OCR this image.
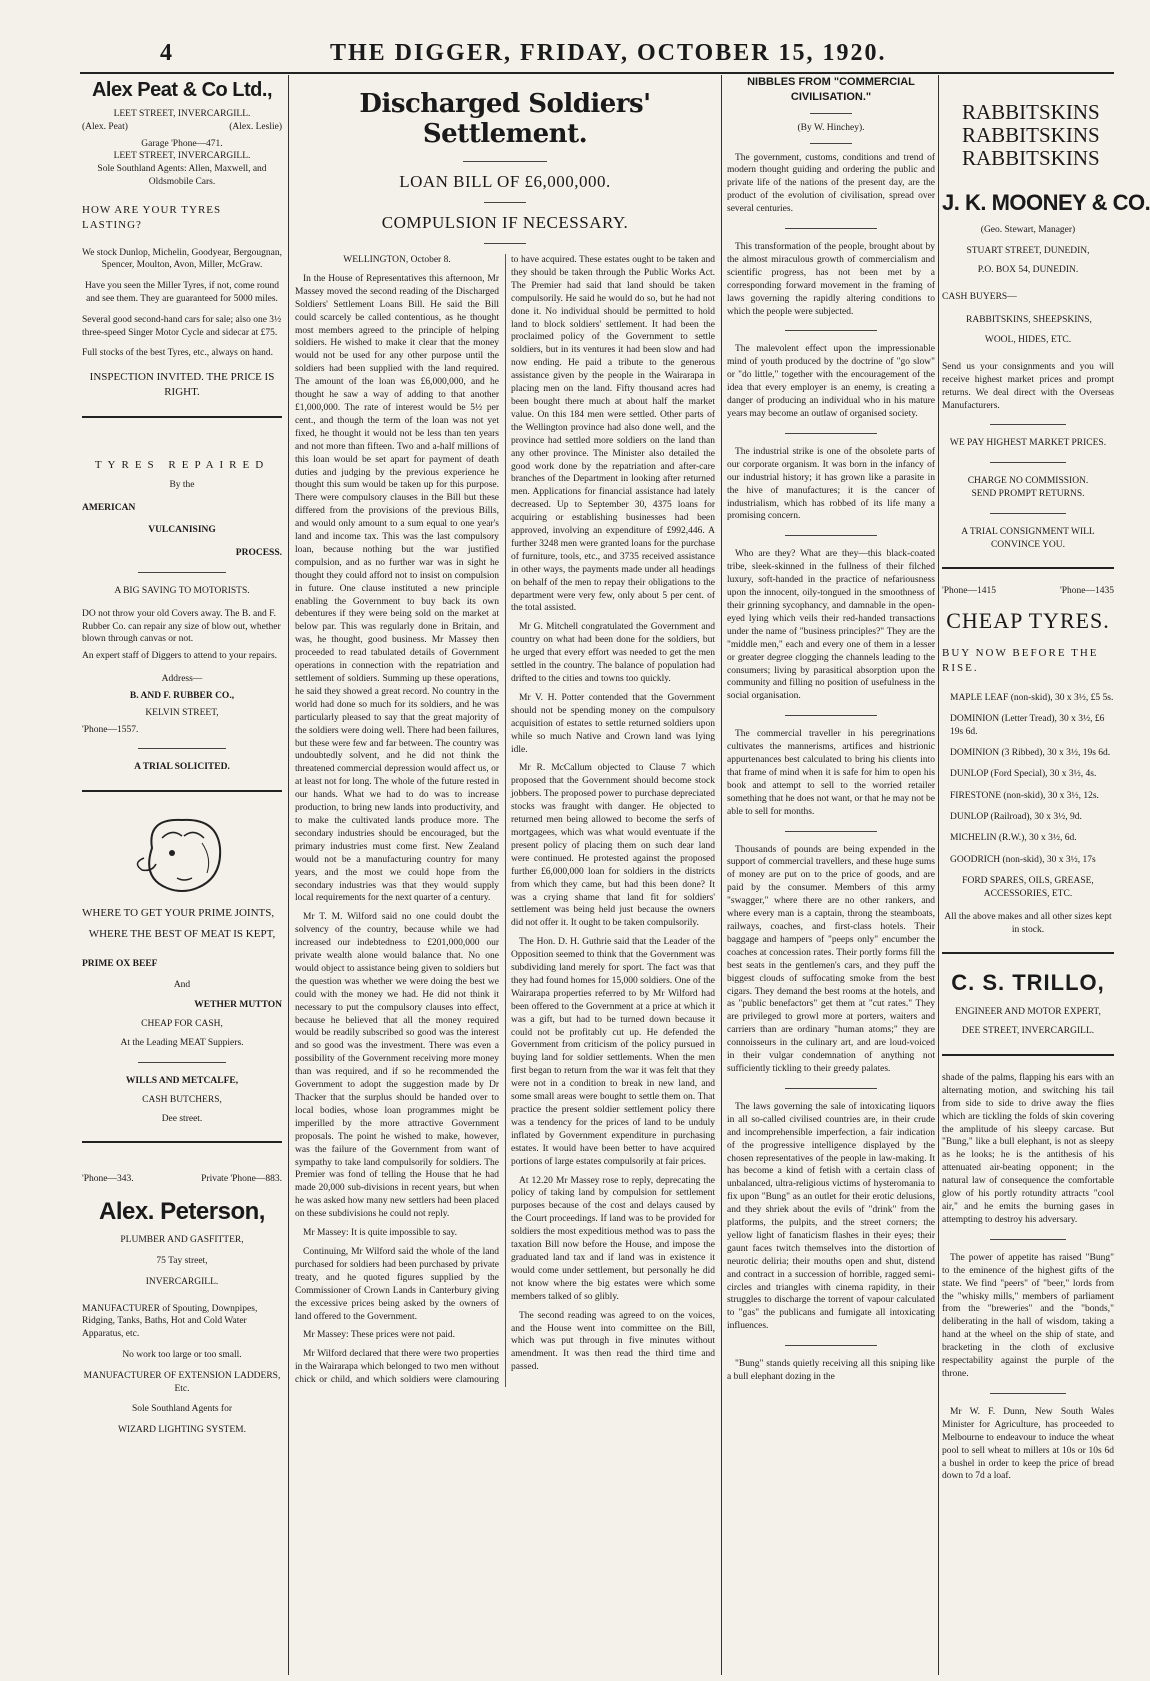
4	THE DIGGER, FRIDAY, OCTOBER 15, 1920.
Alex Peat & Co Ltd.,
LEET STREET, INVERCARGILL.
(Alex. Peat)	(Alex. Leslie)
Garage 'Phone—471.
LEET STREET, INVERCARGILL.
Sole Southland Agents: Allen, Maxwell, and Oldsmobile Cars.
HOW ARE YOUR TYRES LASTING?
We stock Dunlop, Michelin, Goodyear, Bergougnan, Spencer, Moulton, Avon, Miller, McGraw.
Have you seen the Miller Tyres, if not, come round and see them. They are guaranteed for 5000 miles.
Several good second-hand cars for sale; also one 3½ three-speed Singer Motor Cycle and sidecar at £75.
Full stocks of the best Tyres, etc., always on hand.
INSPECTION INVITED. THE PRICE IS RIGHT.
TYRES REPAIRED
By the
AMERICAN
VULCANISING
PROCESS.
A BIG SAVING TO MOTORISTS.
DO not throw your old Covers away. The B. and F. Rubber Co. can repair any size of blow out, whether blown through canvas or not.
An expert staff of Diggers to attend to your repairs.
Address—
B. AND F. RUBBER CO.,
KELVIN STREET,
'Phone—1557.
A TRIAL SOLICITED.
WHERE TO GET YOUR PRIME JOINTS,
WHERE THE BEST OF MEAT IS KEPT,
PRIME OX BEEF
And
WETHER MUTTON
CHEAP FOR CASH,
At the Leading MEAT Suppiers.
WILLS AND METCALFE,
CASH BUTCHERS,
Dee street.
'Phone—343.	Private 'Phone—883.
Alex. Peterson,
PLUMBER AND GASFITTER,
75 Tay street,
INVERCARGILL.
MANUFACTURER of Spouting, Downpipes, Ridging, Tanks, Baths, Hot and Cold Water Apparatus, etc.
No work too large or too small.
MANUFACTURER OF EXTENSION LADDERS, Etc.
Sole Southland Agents for
WIZARD LIGHTING SYSTEM.
Discharged Soldiers' Settlement.
LOAN BILL OF £6,000,000.
COMPULSION IF NECESSARY.

WELLINGTON, October 8.

In the House of Representatives this afternoon, Mr Massey moved the second reading of the Discharged Soldiers' Settlement Loans Bill. He said the Bill could scarcely be called contentious, as he thought most members agreed to the principle of helping soldiers. He wished to make it clear that the money would not be used for any other purpose until the soldiers had been supplied with the land required. The amount of the loan was £6,000,000, and he thought he saw a way of adding to that another £1,000,000. The rate of interest would be 5½ per cent., and though the term of the loan was not yet fixed, he thought it would not be less than ten years and not more than fifteen. Two and a-half millions of this loan would be set apart for payment of death duties and judging by the previous experience he thought this sum would be taken up for this purpose. There were compulsory clauses in the Bill but these differed from the provisions of the previous Bills, and would only amount to a sum equal to one year's land and income tax. This was the last compulsory loan, because nothing but the war justified compulsion, and as no further war was in sight he thought they could afford not to insist on compulsion in future. One clause instituted a new principle enabling the Government to buy back its own debentures if they were being sold on the market at below par. This was regularly done in Britain, and was, he thought, good business. Mr Massey then proceeded to read tabulated details of Government operations in connection with the repatriation and settlement of soldiers. Summing up these operations, he said they showed a great record. No country in the world had done so much for its soldiers, and he was particularly pleased to say that the great majority of the soldiers were doing well. There had been failures, but these were few and far between. The country was undoubtedly solvent, and he did not think the threatened commercial depression would affect us, or at least not for long. The whole of the future rested in our hands. What we had to do was to increase production, to bring new lands into productivity, and to make the cultivated lands produce more. The secondary industries should be encouraged, but the primary industries must come first. New Zealand would not be a manufacturing country for many years, and the most we could hope from the secondary industries was that they would supply local requirements for the next quarter of a century.

Mr T. M. Wilford said no one could doubt the solvency of the country, because while we had increased our indebtedness to £201,000,000 our private wealth alone would balance that. No one would object to assistance being given to soldiers but the question was whether we were doing the best we could with the money we had. He did not think it necessary to put the compulsory clauses into effect, because he believed that all the money required would be readily subscribed so good was the interest and so good was the investment. There was even a possibility of the Government receiving more money than was required, and if so he recommended the Government to adopt the suggestion made by Dr Thacker that the surplus should be handed over to local bodies, whose loan programmes might be imperilled by the more attractive Government proposals. The point he wished to make, however, was the failure of the Government from want of sympathy to take land compulsorily for soldiers. The Premier was fond of telling the House that he had made 20,000 sub-divisions in recent years, but when he was asked how many new settlers had been placed on these subdivisions he could not reply.

Mr Massey: It is quite impossible to say.

Continuing, Mr Wilford said the whole of the land purchased for soldiers had been purchased by private treaty, and he quoted figures supplied by the Commissioner of Crown Lands in Canterbury giving the excessive prices being asked by the owners of land offered to the Government.

Mr Massey: These prices were not paid.

Mr Wilford declared that there were two properties in the Wairarapa which belonged to two men without chick or child, and which soldiers were clamouring to have acquired. These estates ought to be taken and they should be taken through the Public Works Act. The Premier had said that land should be taken compulsorily. He said he would do so, but he had not done it. No individual should be permitted to hold land to block soldiers' settlement. It had been the proclaimed policy of the Government to settle soldiers, but in its ventures it had been slow and had now ending. He paid a tribute to the generous assistance given by the people in the Wairarapa in placing men on the land. Fifty thousand acres had been bought there much at about half the market value. On this 184 men were settled. Other parts of the Wellington province had also done well, and the province had settled more soldiers on the land than any other province. The Minister also detailed the good work done by the repatriation and after-care branches of the Department in looking after returned men. Applications for financial assistance had lately decreased. Up to September 30, 4375 loans for acquiring or establishing businesses had been approved, involving an expenditure of £992,446. A further 3248 men were granted loans for the purchase of furniture, tools, etc., and 3735 received assistance in other ways, the payments made under all headings on behalf of the men to repay their obligations to the department were very few, only about 5 per cent. of the total assisted.

Mr G. Mitchell congratulated the Government and country on what had been done for the soldiers, but he urged that every effort was needed to get the men settled in the country. The balance of population had drifted to the cities and towns too quickly.

Mr V. H. Potter contended that the Government should not be spending money on the compulsory acquisition of estates to settle returned soldiers upon while so much Native and Crown land was lying idle.

Mr R. McCallum objected to Clause 7 which proposed that the Government should become stock jobbers. The proposed power to purchase depreciated stocks was fraught with danger. He objected to returned men being allowed to become the serfs of mortgagees, which was what would eventuate if the present policy of placing them on such dear land were continued. He protested against the proposed further £6,000,000 loan for soldiers in the districts from which they came, but had this been done? It was a crying shame that land fit for soldiers' settlement was being held just because the owners did not offer it. It ought to be taken compulsorily.

The Hon. D. H. Guthrie said that the Leader of the Opposition seemed to think that the Government was subdividing land merely for sport. The fact was that they had found homes for 15,000 soldiers. One of the Wairarapa properties referred to by Mr Wilford had been offered to the Government at a price at which it was a gift, but had to be turned down because it could not be profitably cut up. He defended the Government from criticism of the policy pursued in buying land for soldier settlements. When the men first began to return from the war it was felt that they were not in a condition to break in new land, and some small areas were bought to settle them on. That practice the present soldier settlement policy there was a tendency for the prices of land to be unduly inflated by Government expenditure in purchasing estates. It would have been better to have acquired portions of large estates compulsorily at fair prices.

At 12.20 Mr Massey rose to reply, deprecating the policy of taking land by compulsion for settlement purposes because of the cost and delays caused by the Court proceedings. If land was to be provided for soldiers the most expeditious method was to pass the taxation Bill now before the House, and impose the graduated land tax and if land was in existence it would come under settlement, but personally he did not know where the big estates were which some members talked of so glibly.

The second reading was agreed to on the voices, and the House went into committee on the Bill, which was put through in five minutes without amendment. It was then read the third time and passed.

NIBBLES FROM "COMMERCIAL CIVILISATION."
(By W. Hinchey).

The government, customs, conditions and trend of modern thought guiding and ordering the public and private life of the nations of the present day, are the product of the evolution of civilisation, spread over several centuries.

This transformation of the people, brought about by the almost miraculous growth of commercialism and scientific progress, has not been met by a corresponding forward movement in the framing of laws governing the rapidly altering conditions to which the people were subjected.

The malevolent effect upon the impressionable mind of youth produced by the doctrine of "go slow" or "do little," together with the encouragement of the idea that every employer is an enemy, is creating a danger of producing an individual who in his mature years may become an outlaw of organised society.

The industrial strike is one of the obsolete parts of our corporate organism. It was born in the infancy of our industrial history; it has grown like a parasite in the hive of manufactures; it is the cancer of industrialism, which has robbed of its life many a promising concern.

Who are they? What are they—this black-coated tribe, sleek-skinned in the fullness of their filched luxury, soft-handed in the practice of nefariousness upon the innocent, oily-tongued in the smoothness of their grinning sycophancy, and damnable in the open-eyed lying which veils their red-handed transactions under the name of "business principles?" They are the "middle men," each and every one of them in a lesser or greater degree clogging the channels leading to the consumers; living by parasitical absorption upon the community and filling no position of usefulness in the social organisation.

The commercial traveller in his peregrinations cultivates the mannerisms, artifices and histrionic appurtenances best calculated to bring his clients into that frame of mind when it is safe for him to open his book and attempt to sell to the worried retailer something that he does not want, or that he may not be able to sell for months.

Thousands of pounds are being expended in the support of commercial travellers, and these huge sums of money are put on to the price of goods, and are paid by the consumer. Members of this army "swagger," where there are no other rankers, and where every man is a captain, throng the steamboats, railways, coaches, and first-class hotels. Their baggage and hampers of "peeps only" encumber the coaches at concession rates. Their portly forms fill the best seats in the gentlemen's cars, and they puff the biggest clouds of suffocating smoke from the best cigars. They demand the best rooms at the hotels, and as "public benefactors" get them at "cut rates." They are privileged to growl more at porters, waiters and carriers than are ordinary "human atoms;" they are connoisseurs in the culinary art, and are loud-voiced in their vulgar condemnation of anything not sufficiently tickling to their greedy palates.

The laws governing the sale of intoxicating liquors in all so-called civilised countries are, in their crude and incomprehensible imperfection, a fair indication of the progressive intelligence displayed by the chosen representatives of the people in law-making. It has become a kind of fetish with a certain class of unbalanced, ultra-religious victims of hysteromania to fix upon "Bung" as an outlet for their erotic delusions, and they shriek about the evils of "drink" from the platforms, the pulpits, and the street corners; the yellow light of fanaticism flashes in their eyes; their gaunt faces twitch themselves into the distortion of neurotic deliria; their mouths open and shut, distend and contract in a succession of horrible, ragged semi-circles and triangles with cinema rapidity, in their struggles to discharge the torrent of vapour calculated to "gas" the publicans and fumigate all intoxicating influences.

"Bung" stands quietly receiving all this sniping like a bull elephant dozing in the

RABBITSKINS
RABBITSKINS
RABBITSKINS
J. K. MOONEY & CO.
(Geo. Stewart, Manager)
STUART STREET, DUNEDIN,
P.O. BOX 54, DUNEDIN.
CASH BUYERS—
RABBITSKINS, SHEEPSKINS,
WOOL, HIDES, ETC.
Send us your consignments and you will receive highest market prices and prompt returns. We deal direct with the Overseas Manufacturers.
WE PAY HIGHEST MARKET PRICES.
CHARGE NO COMMISSION.
SEND PROMPT RETURNS.
A TRIAL CONSIGNMENT WILL CONVINCE YOU.
'Phone—1415	'Phone—1435
CHEAP TYRES.
BUY NOW BEFORE THE RISE.
MAPLE LEAF (non-skid), 30 x 3½, £5 5s.
DOMINION (Letter Tread), 30 x 3½, £6 19s 6d.
DOMINION (3 Ribbed), 30 x 3½, 19s 6d.
DUNLOP (Ford Special), 30 x 3½, 4s.
FIRESTONE (non-skid), 30 x 3½, 12s.
DUNLOP (Railroad), 30 x 3½, 9d.
MICHELIN (R.W.), 30 x 3½, 6d.
GOODRICH (non-skid), 30 x 3½, 17s
FORD SPARES, OILS, GREASE, ACCESSORIES, ETC.
All the above makes and all other sizes kept in stock.
C. S. TRILLO,
ENGINEER AND MOTOR EXPERT,
DEE STREET, INVERCARGILL.
shade of the palms, flapping his ears with an alternating motion, and switching his tail from side to side to drive away the flies which are tickling the folds of skin covering the amplitude of his sleepy carcase. But "Bung," like a bull elephant, is not as sleepy as he looks; he is the antithesis of his attenuated air-beating opponent; in the natural law of consequence the comfortable glow of his portly rotundity attracts "cool air," and he emits the burning gases in attempting to destroy his adversary.
The power of appetite has raised "Bung" to the eminence of the highest gifts of the state. We find "peers" of "beer," lords from the "whisky mills," members of parliament from the "breweries" and the "bonds," deliberating in the hall of wisdom, taking a hand at the wheel on the ship of state, and bracketing in the cloth of exclusive respectability against the purple of the throne.
Mr W. F. Dunn, New South Wales Minister for Agriculture, has proceeded to Melbourne to endeavour to induce the wheat pool to sell wheat to millers at 10s or 10s 6d a bushel in order to keep the price of bread down to 7d a loaf.
